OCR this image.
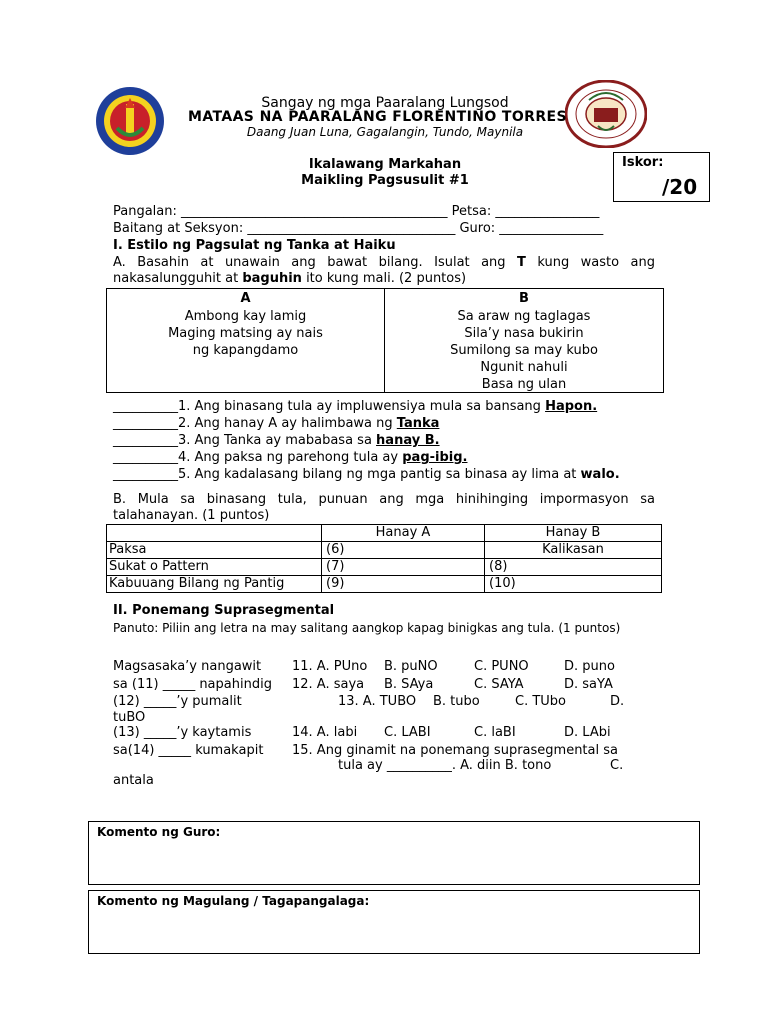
Sangay ng mga Paaralang Lungsod
MATAAS NA PAARALANG FLORENTINO TORRES
Daang Juan Luna, Gagalangin, Tundo, Maynila
Ikalawang Markahan
Maikling Pagsusulit #1
Iskor:
/20
Pangalan: _________________________________________ Petsa: ________________
Baitang at Seksyon: ________________________________ Guro: ________________
I. Estilo ng Pagsulat ng Tanka at Haiku
A. Basahin at unawain ang bawat bilang. Isulat ang T kung wasto ang nakasalungguhit at baguhin ito kung mali. (2 puntos)
A
Ambong kay lamig
Maging matsing ay nais
ng kapangdamo
B
Sa araw ng taglagas
Sila’y nasa bukirin
Sumilong sa may kubo
Ngunit nahuli
Basa ng ulan
__________1. Ang binasang tula ay impluwensiya mula sa bansang Hapon.
__________2. Ang hanay A ay halimbawa ng Tanka
__________3. Ang Tanka ay mababasa sa hanay B.
__________4. Ang paksa ng parehong tula ay pag-ibig.
__________5. Ang kadalasang bilang ng mga pantig sa binasa ay lima at walo.
B. Mula sa binasang tula, punuan ang mga hinihinging impormasyon sa talahanayan. (1 puntos)
	Hanay A	Hanay B
Paksa	(6)	Kalikasan
Sukat o Pattern	(7)	(8)
Kabuuang Bilang ng Pantig	(9)	(10)
II. Ponemang Suprasegmental
Panuto: Piliin ang letra na may salitang aangkop kapag binigkas ang tula. (1 puntos)
Magsasaka’y nangawit
sa (11) _____ napahindig
(12) _____’y pumalit
tuBO
(13) _____’y kaytamis
sa(14) _____ kumakapit
antala
11. A. PUno B. puNO	C. PUNO	D. puno
12. A. saya B. SAya	C. SAYA	D. saYA
13. A. TUBO B. tubo	C. TUbo	D.
14. A. labi C. LABI	C. laBI	D. LAbi
15. Ang ginamit na ponemang suprasegmental sa
tula ay __________. A. diin B. tono	C.
Komento ng Guro:
Komento ng Magulang / Tagapangalaga:
